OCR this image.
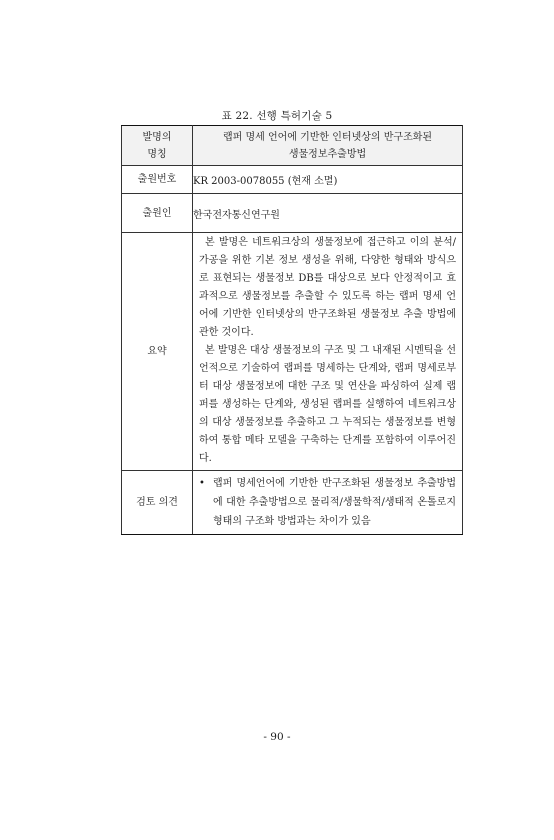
표 22. 선행 특허기술 5
발명의
명칭	랩퍼 명세 언어에 기반한 인터넷상의 반구조화된
생물정보추출방법
출원번호	KR 2003-0078055 (현재 소멸)
출원인	한국전자통신연구원
요약	본 발명은 네트워크상의 생물정보에 접근하고 이의 분석/가공을 위한 기본 정보 생성을 위해, 다양한 형태와 방식으로 표현되는 생물정보 DB를 대상으로 보다 안정적이고 효과적으로 생물정보를 추출할 수 있도록 하는 랩퍼 명세 언어에 기반한 인터넷상의 반구조화된 생물정보 추출 방법에 관한 것이다.

본 발명은 대상 생물정보의 구조 및 그 내재된 시멘틱을 선언적으로 기술하여 랩퍼를 명세하는 단계와, 랩퍼 명세로부터 대상 생물정보에 대한 구조 및 연산을 파싱하여 실제 랩퍼를 생성하는 단계와, 생성된 랩퍼를 실행하여 네트워크상의 대상 생물정보를 추출하고 그 누적되는 생물정보를 변형하여 통합 메타 모델을 구축하는 단계를 포함하여 이루어진다.

검토 의견	• 랩퍼 명세언어에 기반한 반구조화된 생물정보 추출방법에 대한 추출방법으로 물리적/생물학적/생태적 온톨로지 형태의 구조화 방법과는 차이가 있음
- 90 -
